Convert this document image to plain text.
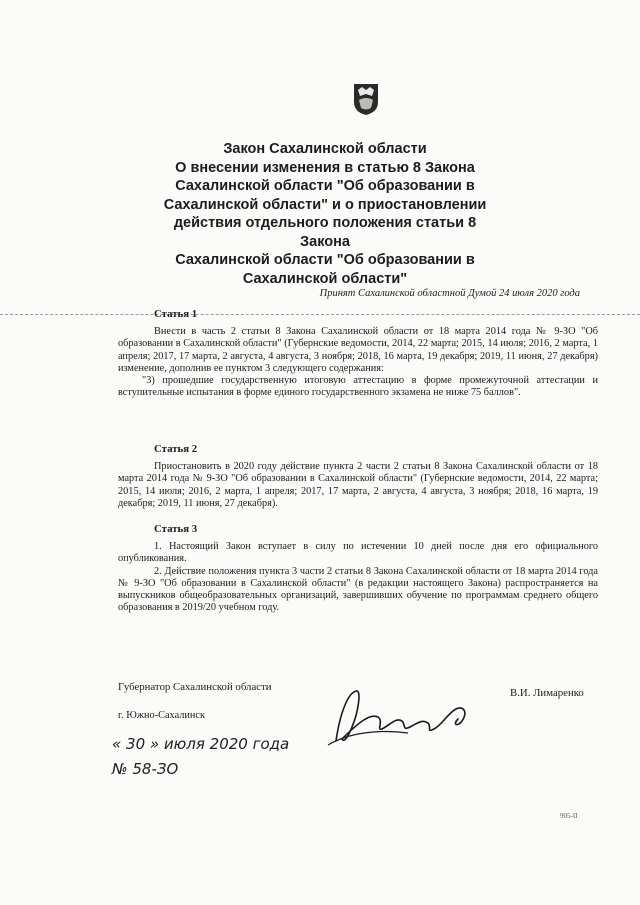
Закон Сахалинской области
О внесении изменения в статью 8 Закона
Сахалинской области "Об образовании в
Сахалинской области" и о приостановлении
действия отдельного положения статьи 8 Закона
Сахалинской области "Об образовании в
Сахалинской области"
Принят Сахалинской областной Думой 24 июля 2020 года
Статья 1

Внести в часть 2 статьи 8 Закона Сахалинской области от 18 марта 2014 года № 9-ЗО "Об образовании в Сахалинской области" (Губернские ведомости, 2014, 22 марта; 2015, 14 июля; 2016, 2 марта, 1 апреля; 2017, 17 марта, 2 августа, 4 августа, 3 ноября; 2018, 16 марта, 19 декабря; 2019, 11 июня, 27 декабря) изменение, дополнив ее пунктом 3 следующего содержания:

"3) прошедшие государственную итоговую аттестацию в форме промежуточной аттестации и вступительные испытания в форме единого государственного экзамена не ниже 75 баллов".

Статья 2

Приостановить в 2020 году действие пункта 2 части 2 статьи 8 Закона Сахалинской области от 18 марта 2014 года № 9-ЗО "Об образовании в Сахалинской области" (Губернские ведомости, 2014, 22 марта; 2015, 14 июля; 2016, 2 марта, 1 апреля; 2017, 17 марта, 2 августа, 4 августа, 3 ноября; 2018, 16 марта, 19 декабря; 2019, 11 июня, 27 декабря).

Статья 3

1. Настоящий Закон вступает в силу по истечении 10 дней после дня его официального опубликования.

2. Действие положения пункта 3 части 2 статьи 8 Закона Сахалинской области от 18 марта 2014 года № 9-ЗО "Об образовании в Сахалинской области" (в редакции настоящего Закона) распространяется на выпускников общеобразовательных организаций, завершивших обучение по программам среднего общего образования в 2019/20 учебном году.

Губернатор Сахалинской области	В.И. Лимаренко
г. Южно-Сахалинск
« 30 » июля 2020 года
№ 58-ЗО
905-II
